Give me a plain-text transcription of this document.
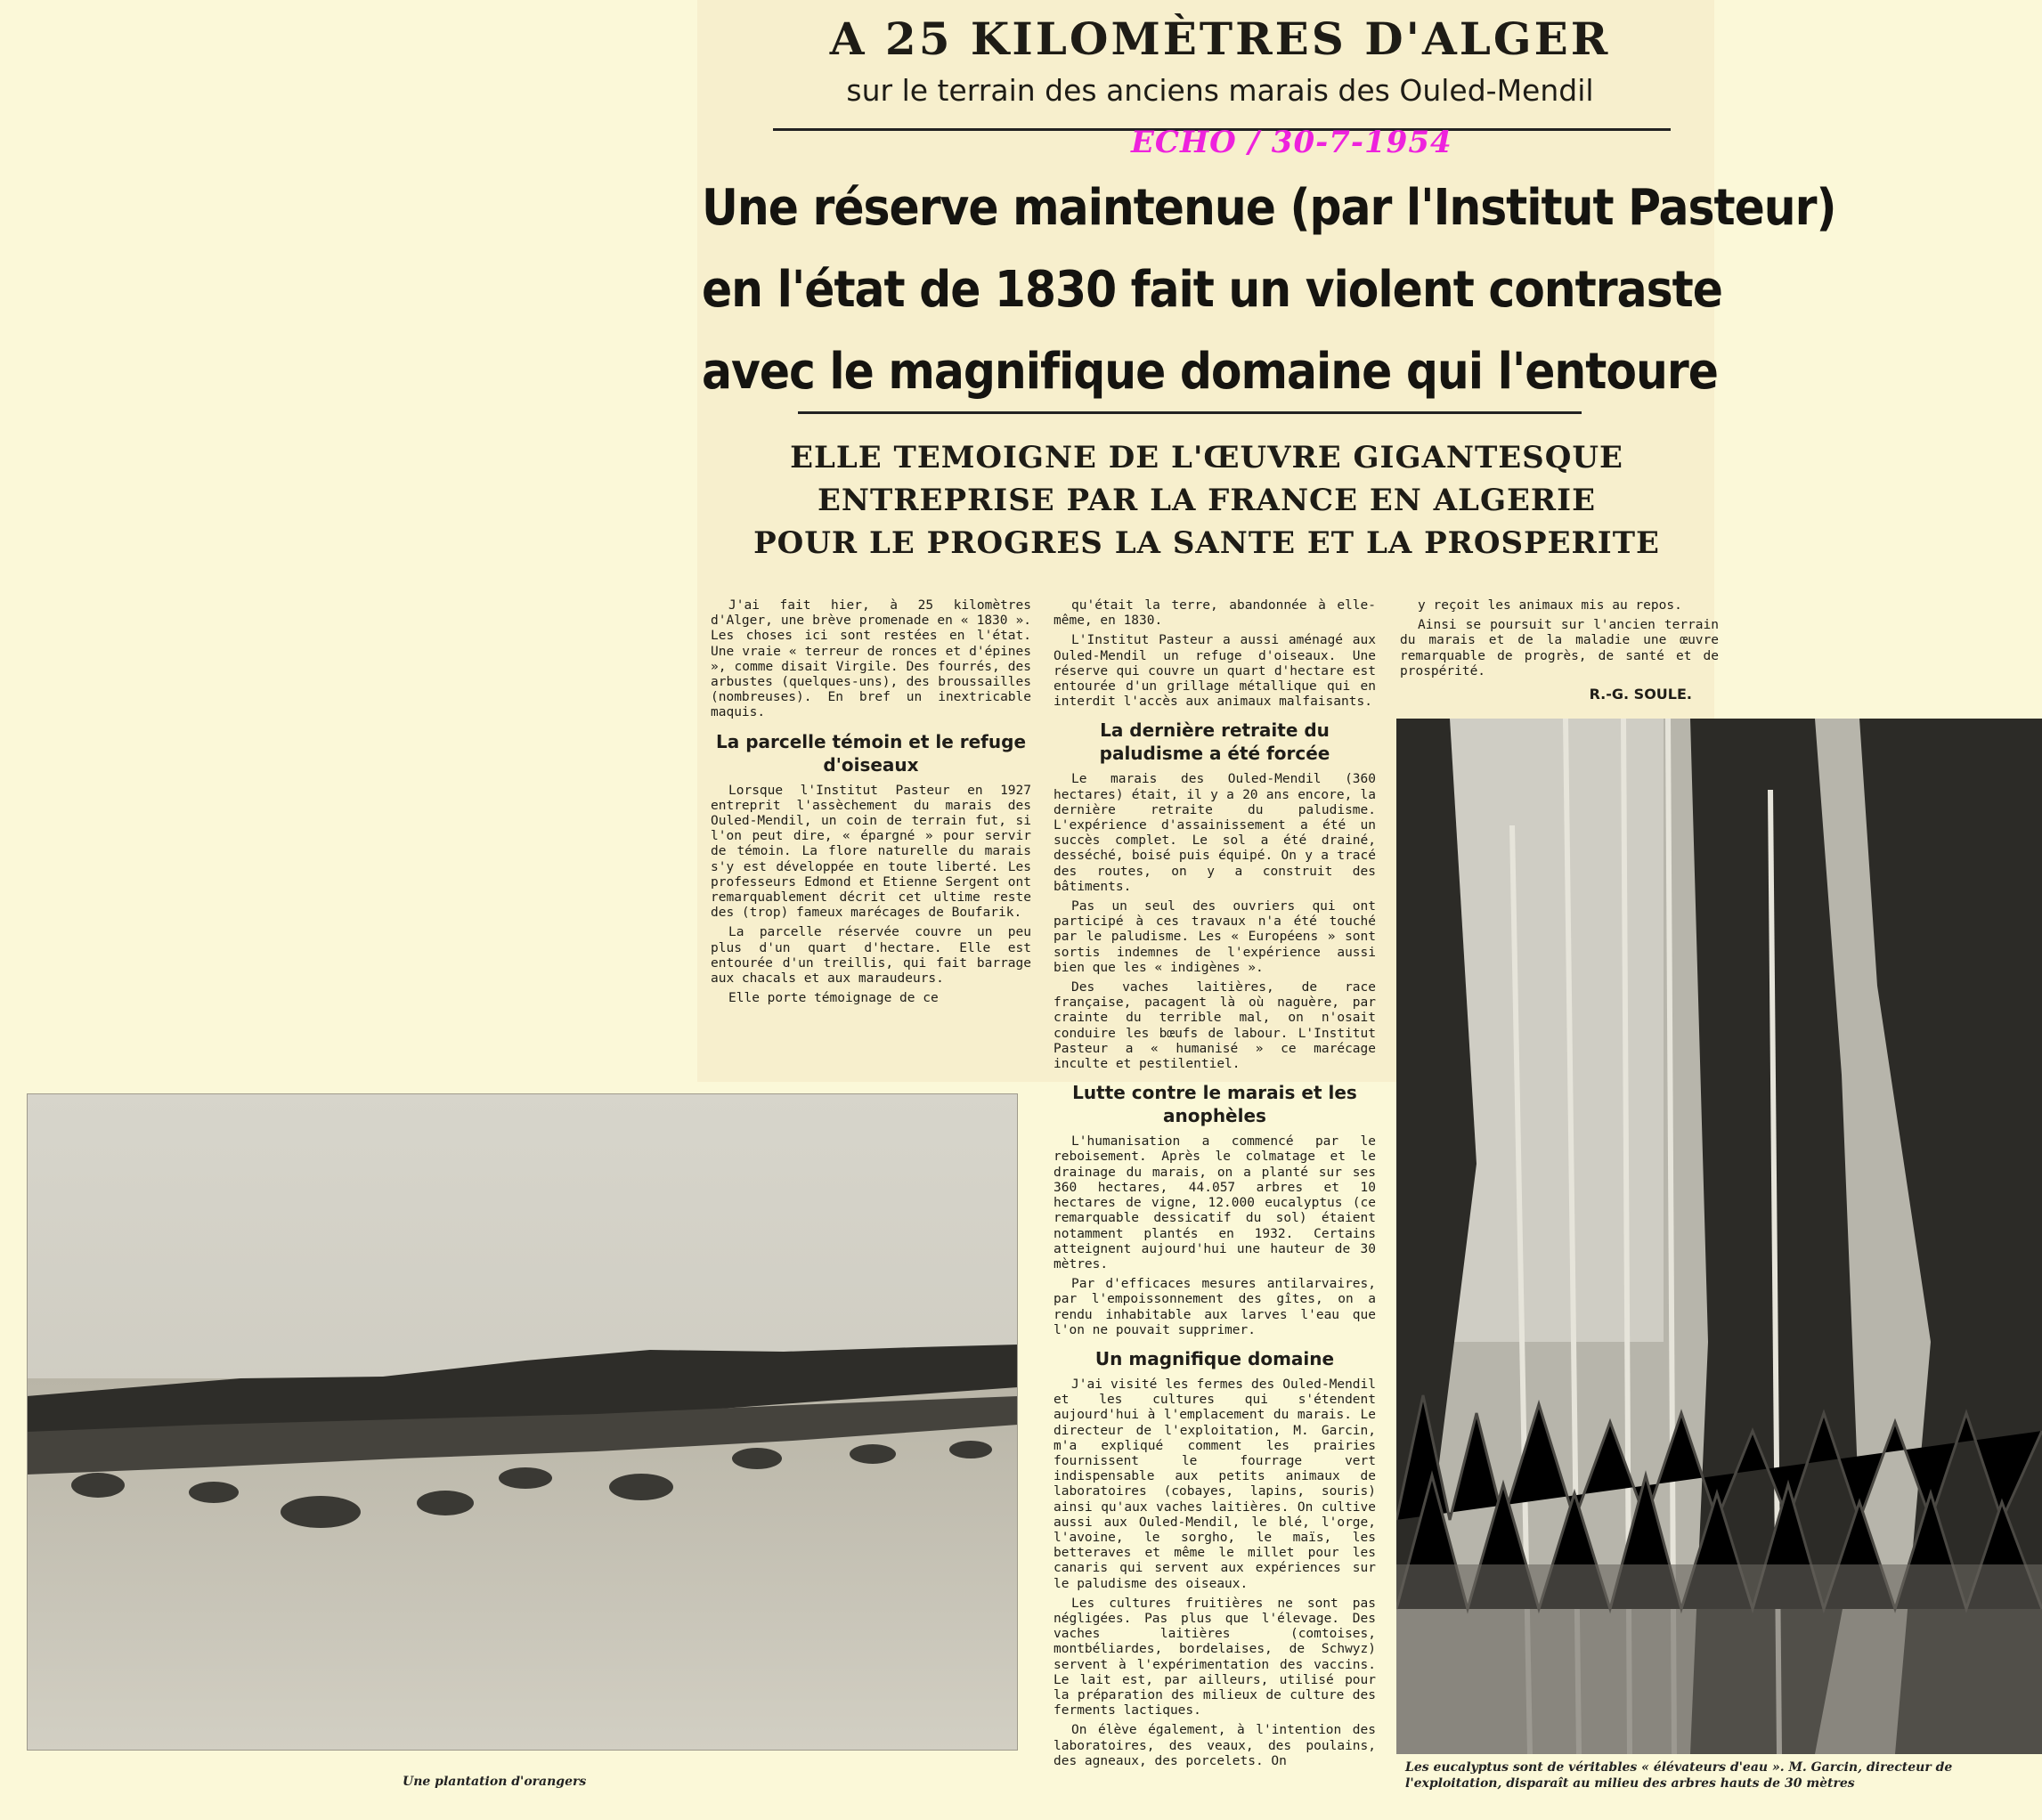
A 25 KILOMÈTRES D'ALGER

sur le terrain des anciens marais des Ouled-Mendil

ECHO / 30-7-1954
Une réserve maintenue (par l'Institut Pasteur)
en l'état de 1830 fait un violent contraste
avec le magnifique domaine qui l'entoure
ELLE TEMOIGNE DE L'ŒUVRE GIGANTESQUE
ENTREPRISE PAR LA FRANCE EN ALGERIE
POUR LE PROGRES LA SANTE ET LA PROSPERITE

J'ai fait hier, à 25 kilomètres d'Alger, une brève promenade en « 1830 ». Les choses ici sont restées en l'état. Une vraie « terreur de ronces et d'épines », comme disait Virgile. Des fourrés, des arbustes (quelques-uns), des broussailles (nombreuses). En bref un inextricable maquis.

La parcelle témoin et le refuge d'oiseaux

Lorsque l'Institut Pasteur en 1927 entreprit l'assèchement du marais des Ouled-Mendil, un coin de terrain fut, si l'on peut dire, « épargné » pour servir de témoin. La flore naturelle du marais s'y est développée en toute liberté. Les professeurs Edmond et Etienne Sergent ont remarquablement décrit cet ultime reste des (trop) fameux marécages de Boufarik.

La parcelle réservée couvre un peu plus d'un quart d'hectare. Elle est entourée d'un treillis, qui fait barrage aux chacals et aux maraudeurs.

Elle porte témoignage de ce

qu'était la terre, abandonnée à elle-même, en 1830.

L'Institut Pasteur a aussi aménagé aux Ouled-Mendil un refuge d'oiseaux. Une réserve qui couvre un quart d'hectare est entourée d'un grillage métallique qui en interdit l'accès aux animaux malfaisants.

La dernière retraite du paludisme a été forcée

Le marais des Ouled-Mendil (360 hectares) était, il y a 20 ans encore, la dernière retraite du paludisme. L'expérience d'assainissement a été un succès complet. Le sol a été drainé, desséché, boisé puis équipé. On y a tracé des routes, on y a construit des bâtiments.

Pas un seul des ouvriers qui ont participé à ces travaux n'a été touché par le paludisme. Les « Européens » sont sortis indemnes de l'expérience aussi bien que les « indigènes ».

Des vaches laitières, de race française, pacagent là où naguère, par crainte du terrible mal, on n'osait conduire les bœufs de labour. L'Institut Pasteur a « humanisé » ce marécage inculte et pestilentiel.

Lutte contre le marais et les anophèles

L'humanisation a commencé par le reboisement. Après le colmatage et le drainage du marais, on a planté sur ses 360 hectares, 44.057 arbres et 10 hectares de vigne, 12.000 eucalyptus (ce remarquable dessicatif du sol) étaient notamment plantés en 1932. Certains atteignent aujourd'hui une hauteur de 30 mètres.

Par d'efficaces mesures antilarvaires, par l'empoissonnement des gîtes, on a rendu inhabitable aux larves l'eau que l'on ne pouvait supprimer.

Un magnifique domaine

J'ai visité les fermes des Ouled-Mendil et les cultures qui s'étendent aujourd'hui à l'emplacement du marais. Le directeur de l'exploitation, M. Garcin, m'a expliqué comment les prairies fournissent le fourrage vert indispensable aux petits animaux de laboratoires (cobayes, lapins, souris) ainsi qu'aux vaches laitières. On cultive aussi aux Ouled-Mendil, le blé, l'orge, l'avoine, le sorgho, le maïs, les betteraves et même le millet pour les canaris qui servent aux expériences sur le paludisme des oiseaux.

Les cultures fruitières ne sont pas négligées. Pas plus que l'élevage. Des vaches laitières (comtoises, montbéliardes, bordelaises, de Schwyz) servent à l'expérimentation des vaccins. Le lait est, par ailleurs, utilisé pour la préparation des milieux de culture des ferments lactiques.

On élève également, à l'intention des laboratoires, des veaux, des poulains, des agneaux, des porcelets. On

y reçoit les animaux mis au repos.

Ainsi se poursuit sur l'ancien terrain du marais et de la maladie une œuvre remarquable de progrès, de santé et de prospérité.

R.-G. SOULE.
Une plantation d'orangers
Les eucalyptus sont de véritables « élévateurs d'eau ». M. Garcin, directeur de l'exploitation, disparaît au milieu des arbres hauts de 30 mètres
